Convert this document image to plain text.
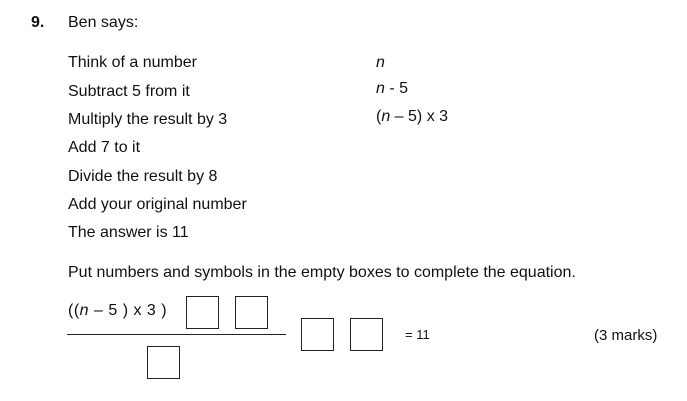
9. Ben says:
Think of a number
Subtract 5 from it
Multiply the result by 3
Add 7 to it
Divide the result by 8
Add your original number
The answer is 11
n
n - 5
(n – 5) x 3
Put numbers and symbols in the empty boxes to complete the equation.
((n – 5 ) x 3 )
= 11	(3 marks)
